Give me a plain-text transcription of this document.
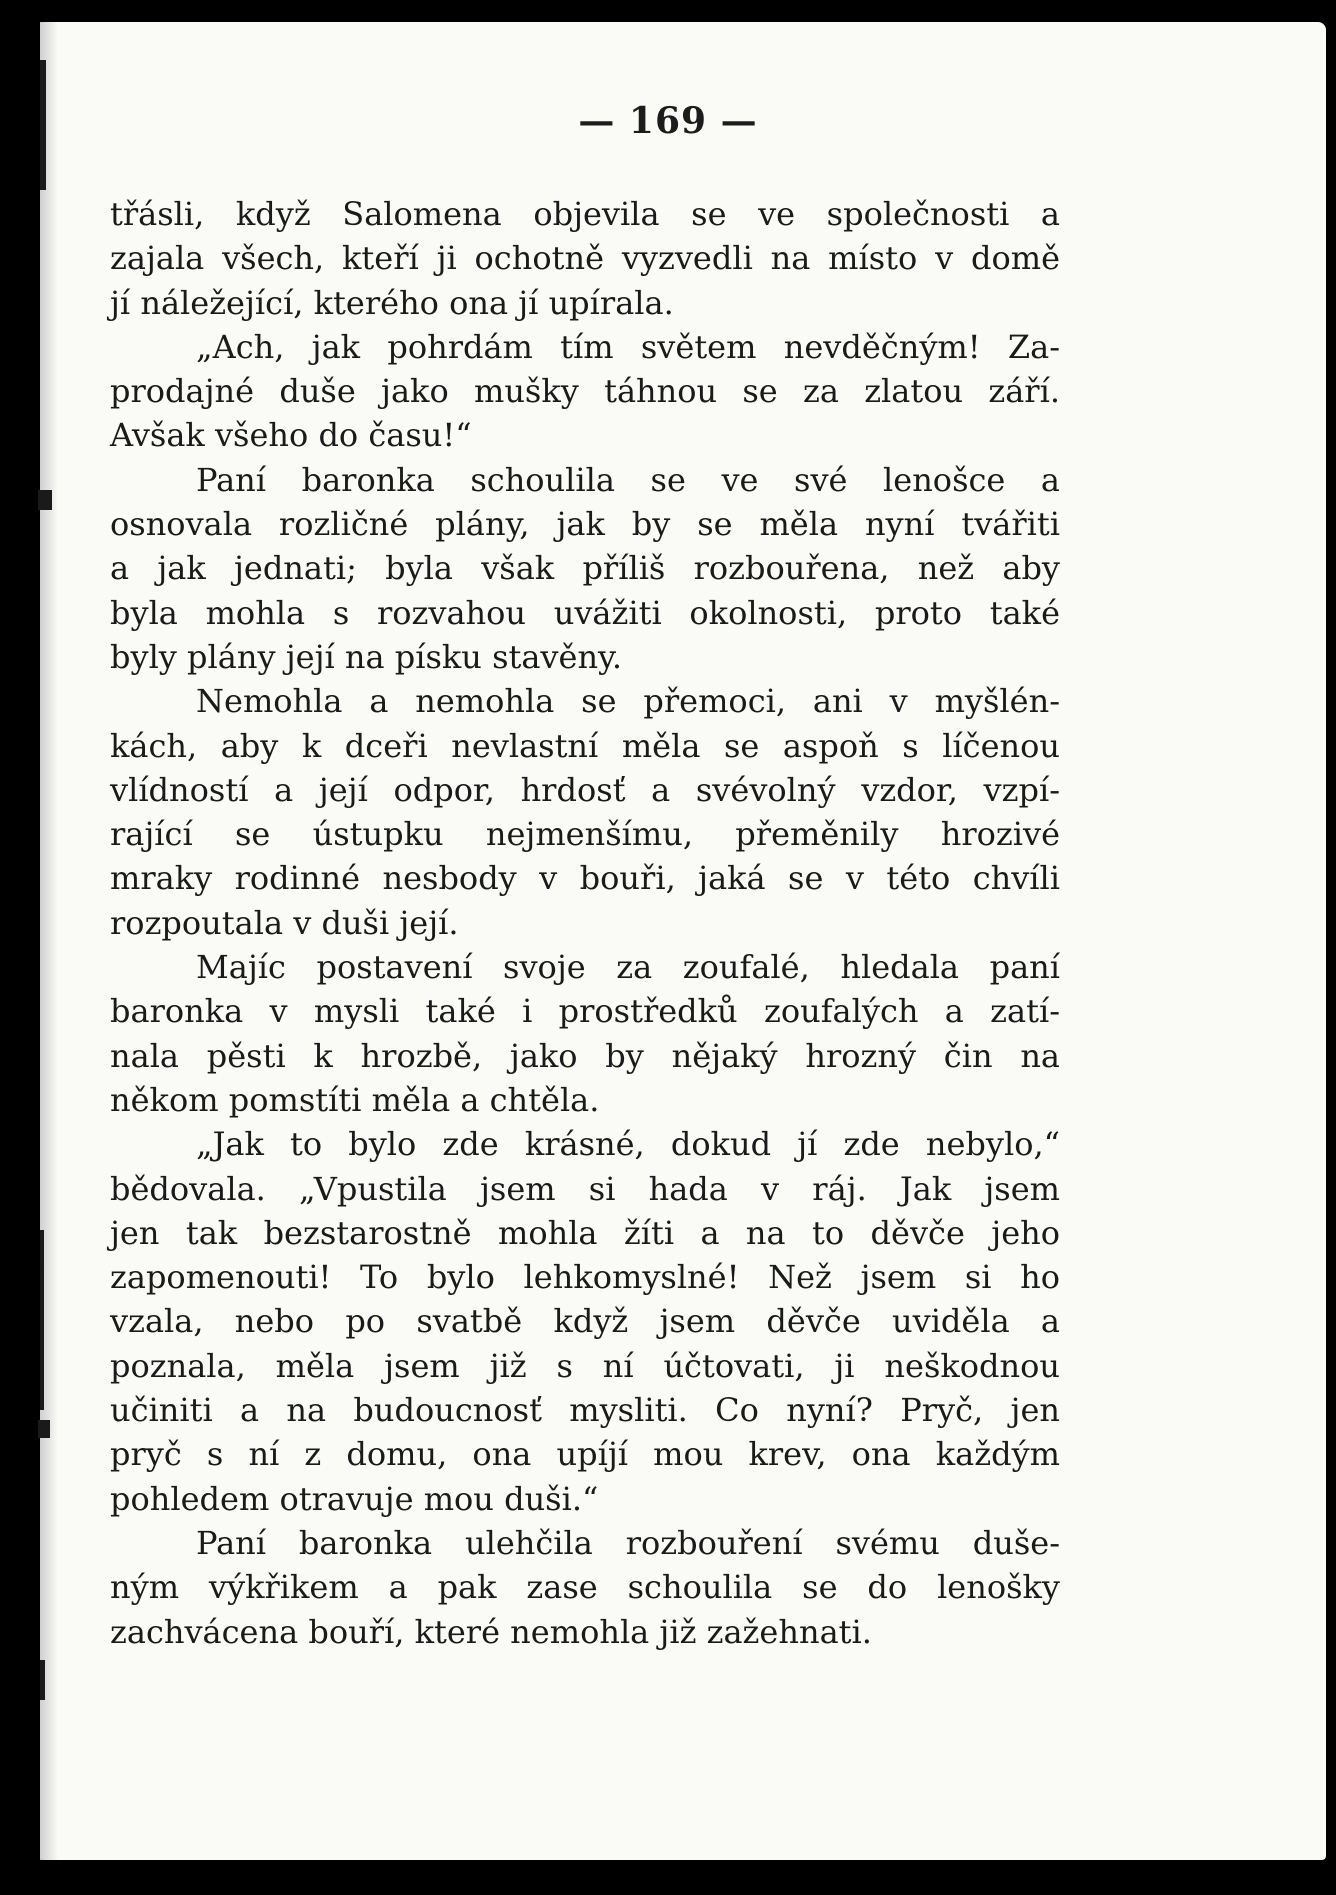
— 169 —
třásli, když Salomena objevila se ve společnosti a
zajala všech, kteří ji ochotně vyzvedli na místo v domě
jí náležející, kterého ona jí upírala.
„Ach, jak pohrdám tím světem nevděčným! Za-
prodajné duše jako mušky táhnou se za zlatou září.
Avšak všeho do času!“
Paní baronka schoulila se ve své lenošce a
osnovala rozličné plány, jak by se měla nyní tvářiti
a jak jednati; byla však příliš rozbouřena, než aby
byla mohla s rozvahou uvážiti okolnosti, proto také
byly plány její na písku stavěny.
Nemohla a nemohla se přemoci, ani v myšlén-
kách, aby k dceři nevlastní měla se aspoň s líčenou
vlídností a její odpor, hrdosť a svévolný vzdor, vzpí-
rající se ústupku nejmenšímu, přeměnily hrozivé
mraky rodinné nesbody v bouři, jaká se v této chvíli
rozpoutala v duši její.
Majíc postavení svoje za zoufalé, hledala paní
baronka v mysli také i prostředků zoufalých a zatí-
nala pěsti k hrozbě, jako by nějaký hrozný čin na
někom pomstíti měla a chtěla.
„Jak to bylo zde krásné, dokud jí zde nebylo,“
bědovala. „Vpustila jsem si hada v ráj. Jak jsem
jen tak bezstarostně mohla žíti a na to děvče jeho
zapomenouti! To bylo lehkomyslné! Než jsem si ho
vzala, nebo po svatbě když jsem děvče uviděla a
poznala, měla jsem již s ní účtovati, ji neškodnou
učiniti a na budoucnosť mysliti. Co nyní? Pryč, jen
pryč s ní z domu, ona upíjí mou krev, ona každým
pohledem otravuje mou duši.“
Paní baronka ulehčila rozbouření svému duše-
ným výkřikem a pak zase schoulila se do lenošky
zachvácena bouří, které nemohla již zažehnati.
